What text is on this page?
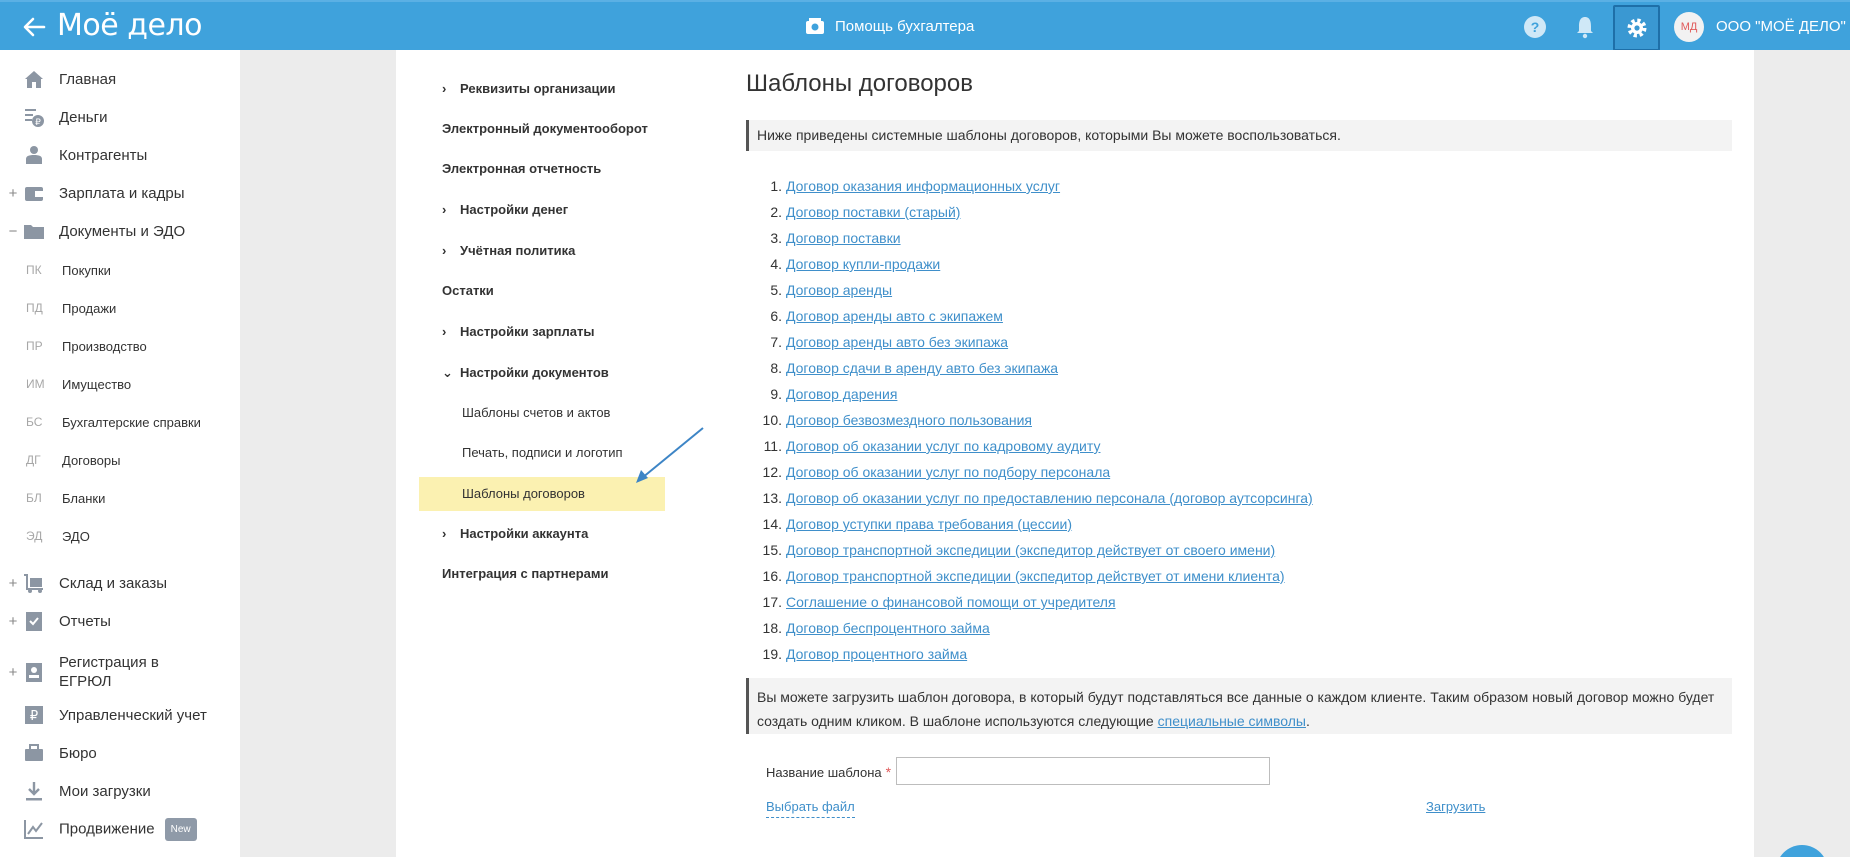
Моё дело	Помощь бухгалтера	?	МД	ООО "МОЁ ДЕЛО"
Главная
₽ Деньги
Контрагенты
+	Зарплата и кадры
−	Документы и ЭДО
ПК Покупки
ПД Продажи
ПР Производство
ИМ Имущество
БС Бухгалтерские справки
ДГ Договоры
БЛ Бланки
ЭД ЭДО
+	Склад и заказы
+	Отчеты
+
Регистрация в ЕГРЮЛ
₽ Управленческий учет
Бюро
Мои загрузки
Продвижение New
› Реквизиты организации
Электронный документооборот
Электронная отчетность
› Настройки денег
› Учётная политика
Остатки
› Настройки зарплаты
⌄ Настройки документов
Шаблоны счетов и актов
Печать, подписи и логотип
Шаблоны договоров
› Настройки аккаунта
Интеграция с партнерами
Шаблоны договоров
Ниже приведены системные шаблоны договоров, которыми Вы можете воспользоваться.
1. Договор оказания информационных услуг
2. Договор поставки (старый)
3. Договор поставки
4. Договор купли-продажи
5. Договор аренды
6. Договор аренды авто с экипажем
7. Договор аренды авто без экипажа
8. Договор сдачи в аренду авто без экипажа
9. Договор дарения
10. Договор безвозмездного пользования
11. Договор об оказании услуг по кадровому аудиту
12. Договор об оказании услуг по подбору персонала
13. Договор об оказании услуг по предоставлению персонала (договор аутсорсинга)
14. Договор уступки права требования (цессии)
15. Договор транспортной экспедиции (экспедитор действует от своего имени)
16. Договор транспортной экспедиции (экспедитор действует от имени клиента)
17. Соглашение о финансовой помощи от учредителя
18. Договор беспроцентного займа
19. Договор процентного займа
Вы можете загрузить шаблон договора, в который будут подставляться все данные о каждом клиенте. Таким образом новый договор можно будет создать одним кликом. В шаблоне используются следующие специальные символы.
Название шаблона *
Выбрать файл	Загрузить
